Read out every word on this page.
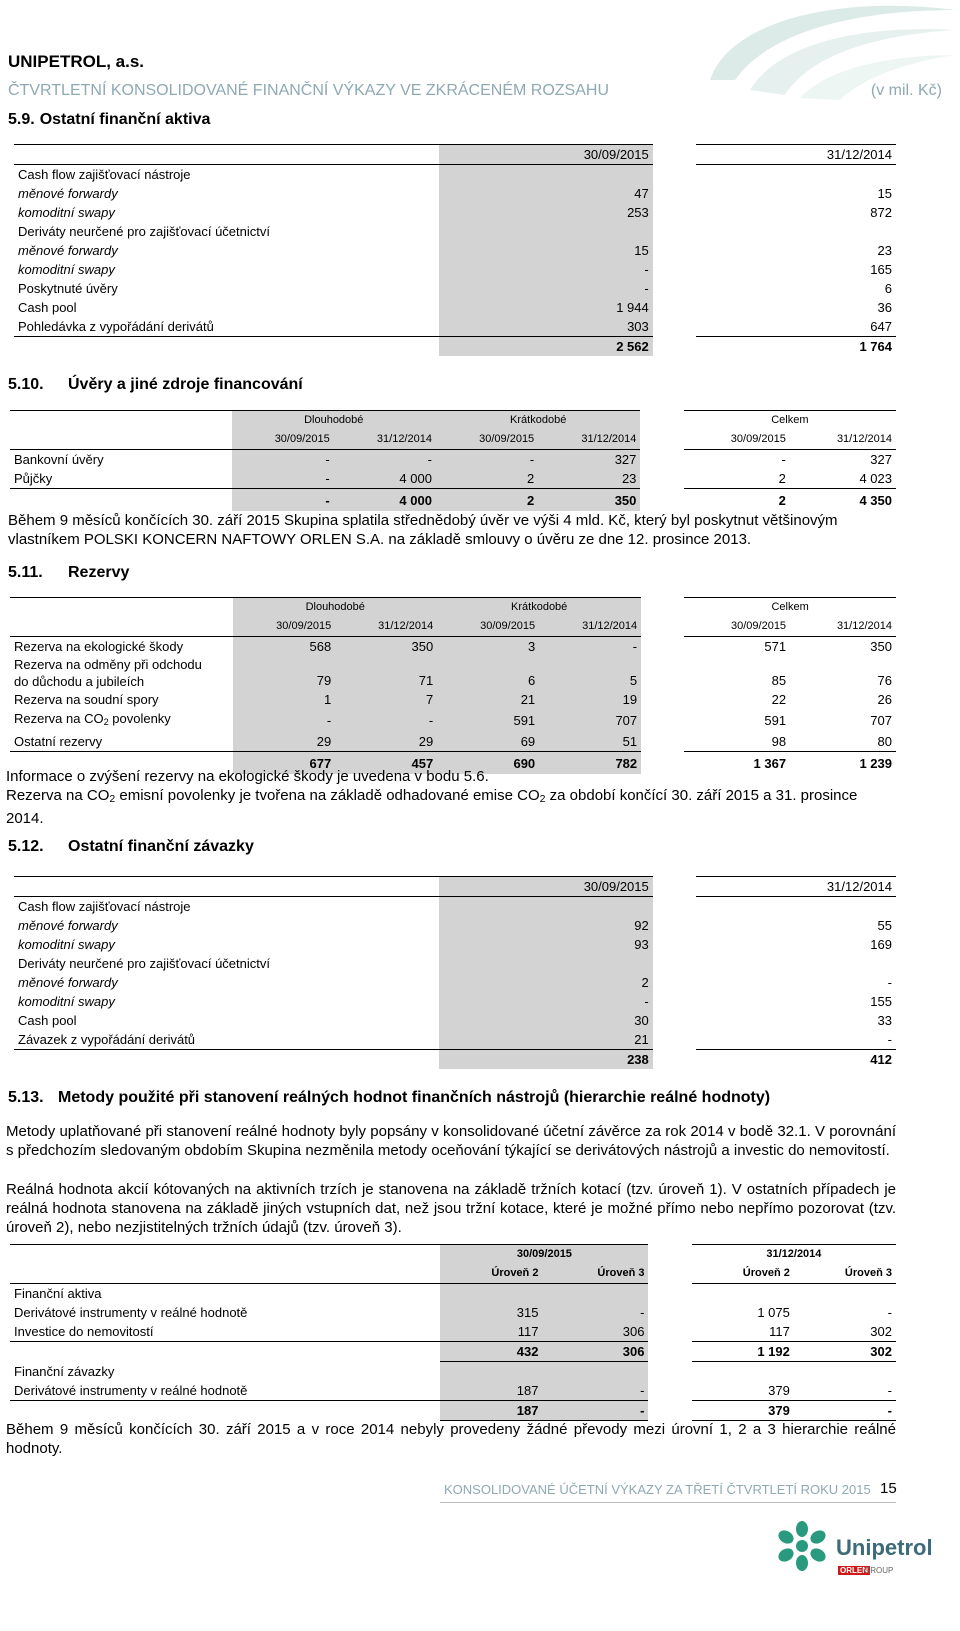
UNIPETROL, a.s.
ČTVRTLETNÍ KONSOLIDOVANÉ FINANČNÍ VÝKAZY VE ZKRÁCENÉM ROZSAHU	(v mil. Kč)
5.9. Ostatní finanční aktiva
	30/09/2015		31/12/2014
Cash flow zajišťovací nástroje			
měnové forwardy	47		15
komoditní swapy	253		872
Deriváty neurčené pro zajišťovací účetnictví			
měnové forwardy	15		23
komoditní swapy	-		165
Poskytnuté úvěry	-		6
Cash pool	1 944		36
Pohledávka z vypořádání derivátů	303		647
	2 562		1 764
5.10. Úvěry a jiné zdroje financování
	Dlouhodobé		Krátkodobé			Celkem	
	30/09/2015	31/12/2014	30/09/2015	31/12/2014		30/09/2015	31/12/2014
Bankovní úvěry	-	-	-	327		-	327
Půjčky	-	4 000	2	23		2	4 023
	-	4 000	2	350		2	4 350
Během 9 měsíců končících 30. září 2015 Skupina splatila střednědobý úvěr ve výši 4 mld. Kč, který byl poskytnut většinovým vlastníkem POLSKI KONCERN NAFTOWY ORLEN S.A. na základě smlouvy o úvěru ze dne 12. prosince 2013.
5.11. Rezervy
	Dlouhodobé		Krátkodobé			Celkem	
	30/09/2015	31/12/2014	30/09/2015	31/12/2014		30/09/2015	31/12/2014
Rezerva na ekologické škody	568	350	3	-		571	350

Rezerva na odměny při odchodu
do důchodu a jubileích	79	71	6	5		85	76
Rezerva na soudní spory	1	7	21	19		22	26
Rezerva na $CO_2$ povolenky	-	-	591	707		591	707
Ostatní rezervy	29	29	69	51		98	80
	677	457	690	782		1 367	1 239
Informace o zvýšení rezervy na ekologické škody je uvedena v bodu 5.6.
Rezerva na $CO_2$ emisní povolenky je tvořena na základě odhadované emise $CO_2$ za období končící 30. září 2015 a 31. prosince 2014.
5.12. Ostatní finanční závazky
	30/09/2015		31/12/2014
Cash flow zajišťovací nástroje			
měnové forwardy	92		55
komoditní swapy	93		169
Deriváty neurčené pro zajišťovací účetnictví			
měnové forwardy	2		-
komoditní swapy	-		155
Cash pool	30		33
Závazek z vypořádání derivátů	21		-
	238		412
5.13. Metody použité při stanovení reálných hodnot finančních nástrojů (hierarchie reálné hodnoty)
Metody uplatňované při stanovení reálné hodnoty byly popsány v konsolidované účetní závěrce za rok 2014 v bodě 32.1. V porovnání s předchozím sledovaným obdobím Skupina nezměnila metody oceňování týkající se derivátových nástrojů a investic do nemovitostí.
Reálná hodnota akcií kótovaných na aktivních trzích je stanovena na základě tržních kotací (tzv. úroveň 1). V ostatních případech je reálná hodnota stanovena na základě jiných vstupních dat, než jsou tržní kotace, které je možné přímo nebo nepřímo pozorovat (tzv. úroveň 2), nebo nezjistitelných tržních údajů (tzv. úroveň 3).
	30/09/2015			31/12/2014	
	Úroveň 2	Úroveň 3		Úroveň 2	Úroveň 3
Finanční aktiva					
Derivátové instrumenty v reálné hodnotě	315	-		1 075	-
Investice do nemovitostí	117	306		117	302
	432	306		1 192	302
Finanční závazky					
Derivátové instrumenty v reálné hodnotě	187	-		379	-
	187	-		379	-
Během 9 měsíců končících 30. září 2015 a v roce 2014 nebyly provedeny žádné převody mezi úrovní 1, 2 a 3 hierarchie reálné hodnoty.
KONSOLIDOVANÉ ÚČETNÍ VÝKAZY ZA TŘETÍ ČTVRTLETÍ ROKU 2015 15
Unipetrol
ORLEN
GROUP
